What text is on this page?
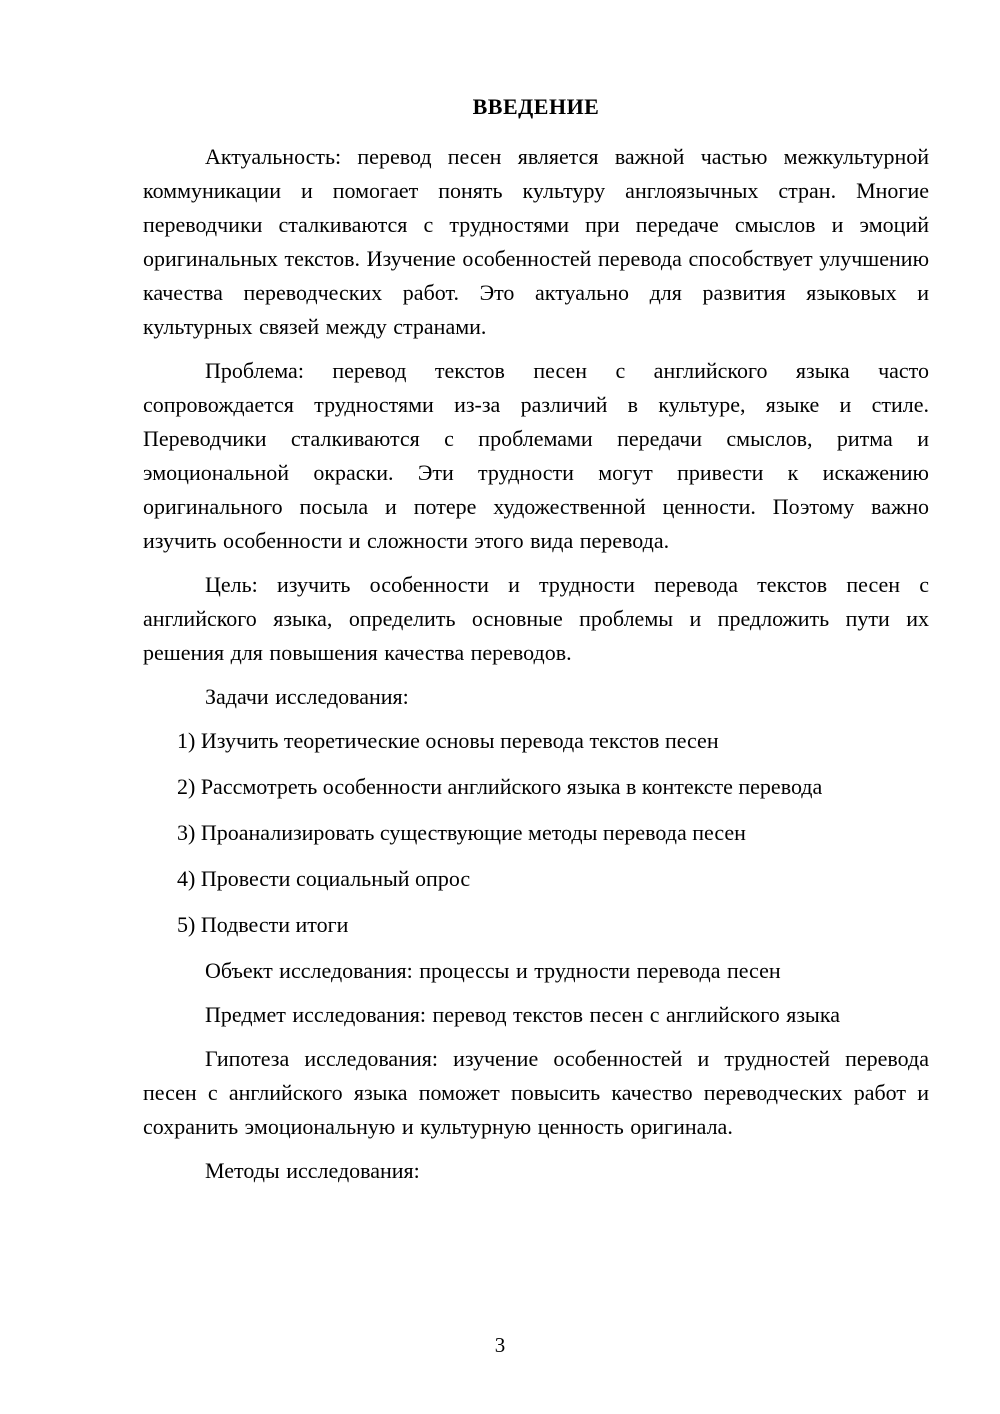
ВВЕДЕНИЕ

Актуальность: перевод песен является важной частью межкультурной коммуникации и помогает понять культуру англоязычных стран. Многие переводчики сталкиваются с трудностями при передаче смыслов и эмоций оригинальных текстов. Изучение особенностей перевода способствует улучшению качества переводческих работ. Это актуально для развития языковых и культурных связей между странами.

Проблема: перевод текстов песен с английского языка часто сопровождается трудностями из-за различий в культуре, языке и стиле. Переводчики сталкиваются с проблемами передачи смыслов, ритма и эмоциональной окраски. Эти трудности могут привести к искажению оригинального посыла и потере художественной ценности. Поэтому важно изучить особенности и сложности этого вида перевода.

Цель: изучить особенности и трудности перевода текстов песен с английского языка, определить основные проблемы и предложить пути их решения для повышения качества переводов.

Задачи исследования:

1) Изучить теоретические основы перевода текстов песен

2) Рассмотреть особенности английского языка в контексте перевода

3) Проанализировать существующие методы перевода песен

4) Провести социальный опрос

5) Подвести итоги

Объект исследования: процессы и трудности перевода песен

Предмет исследования: перевод текстов песен с английского языка

Гипотеза исследования: изучение особенностей и трудностей перевода песен с английского языка поможет повысить качество переводческих работ и сохранить эмоциональную и культурную ценность оригинала.

Методы исследования:

3
